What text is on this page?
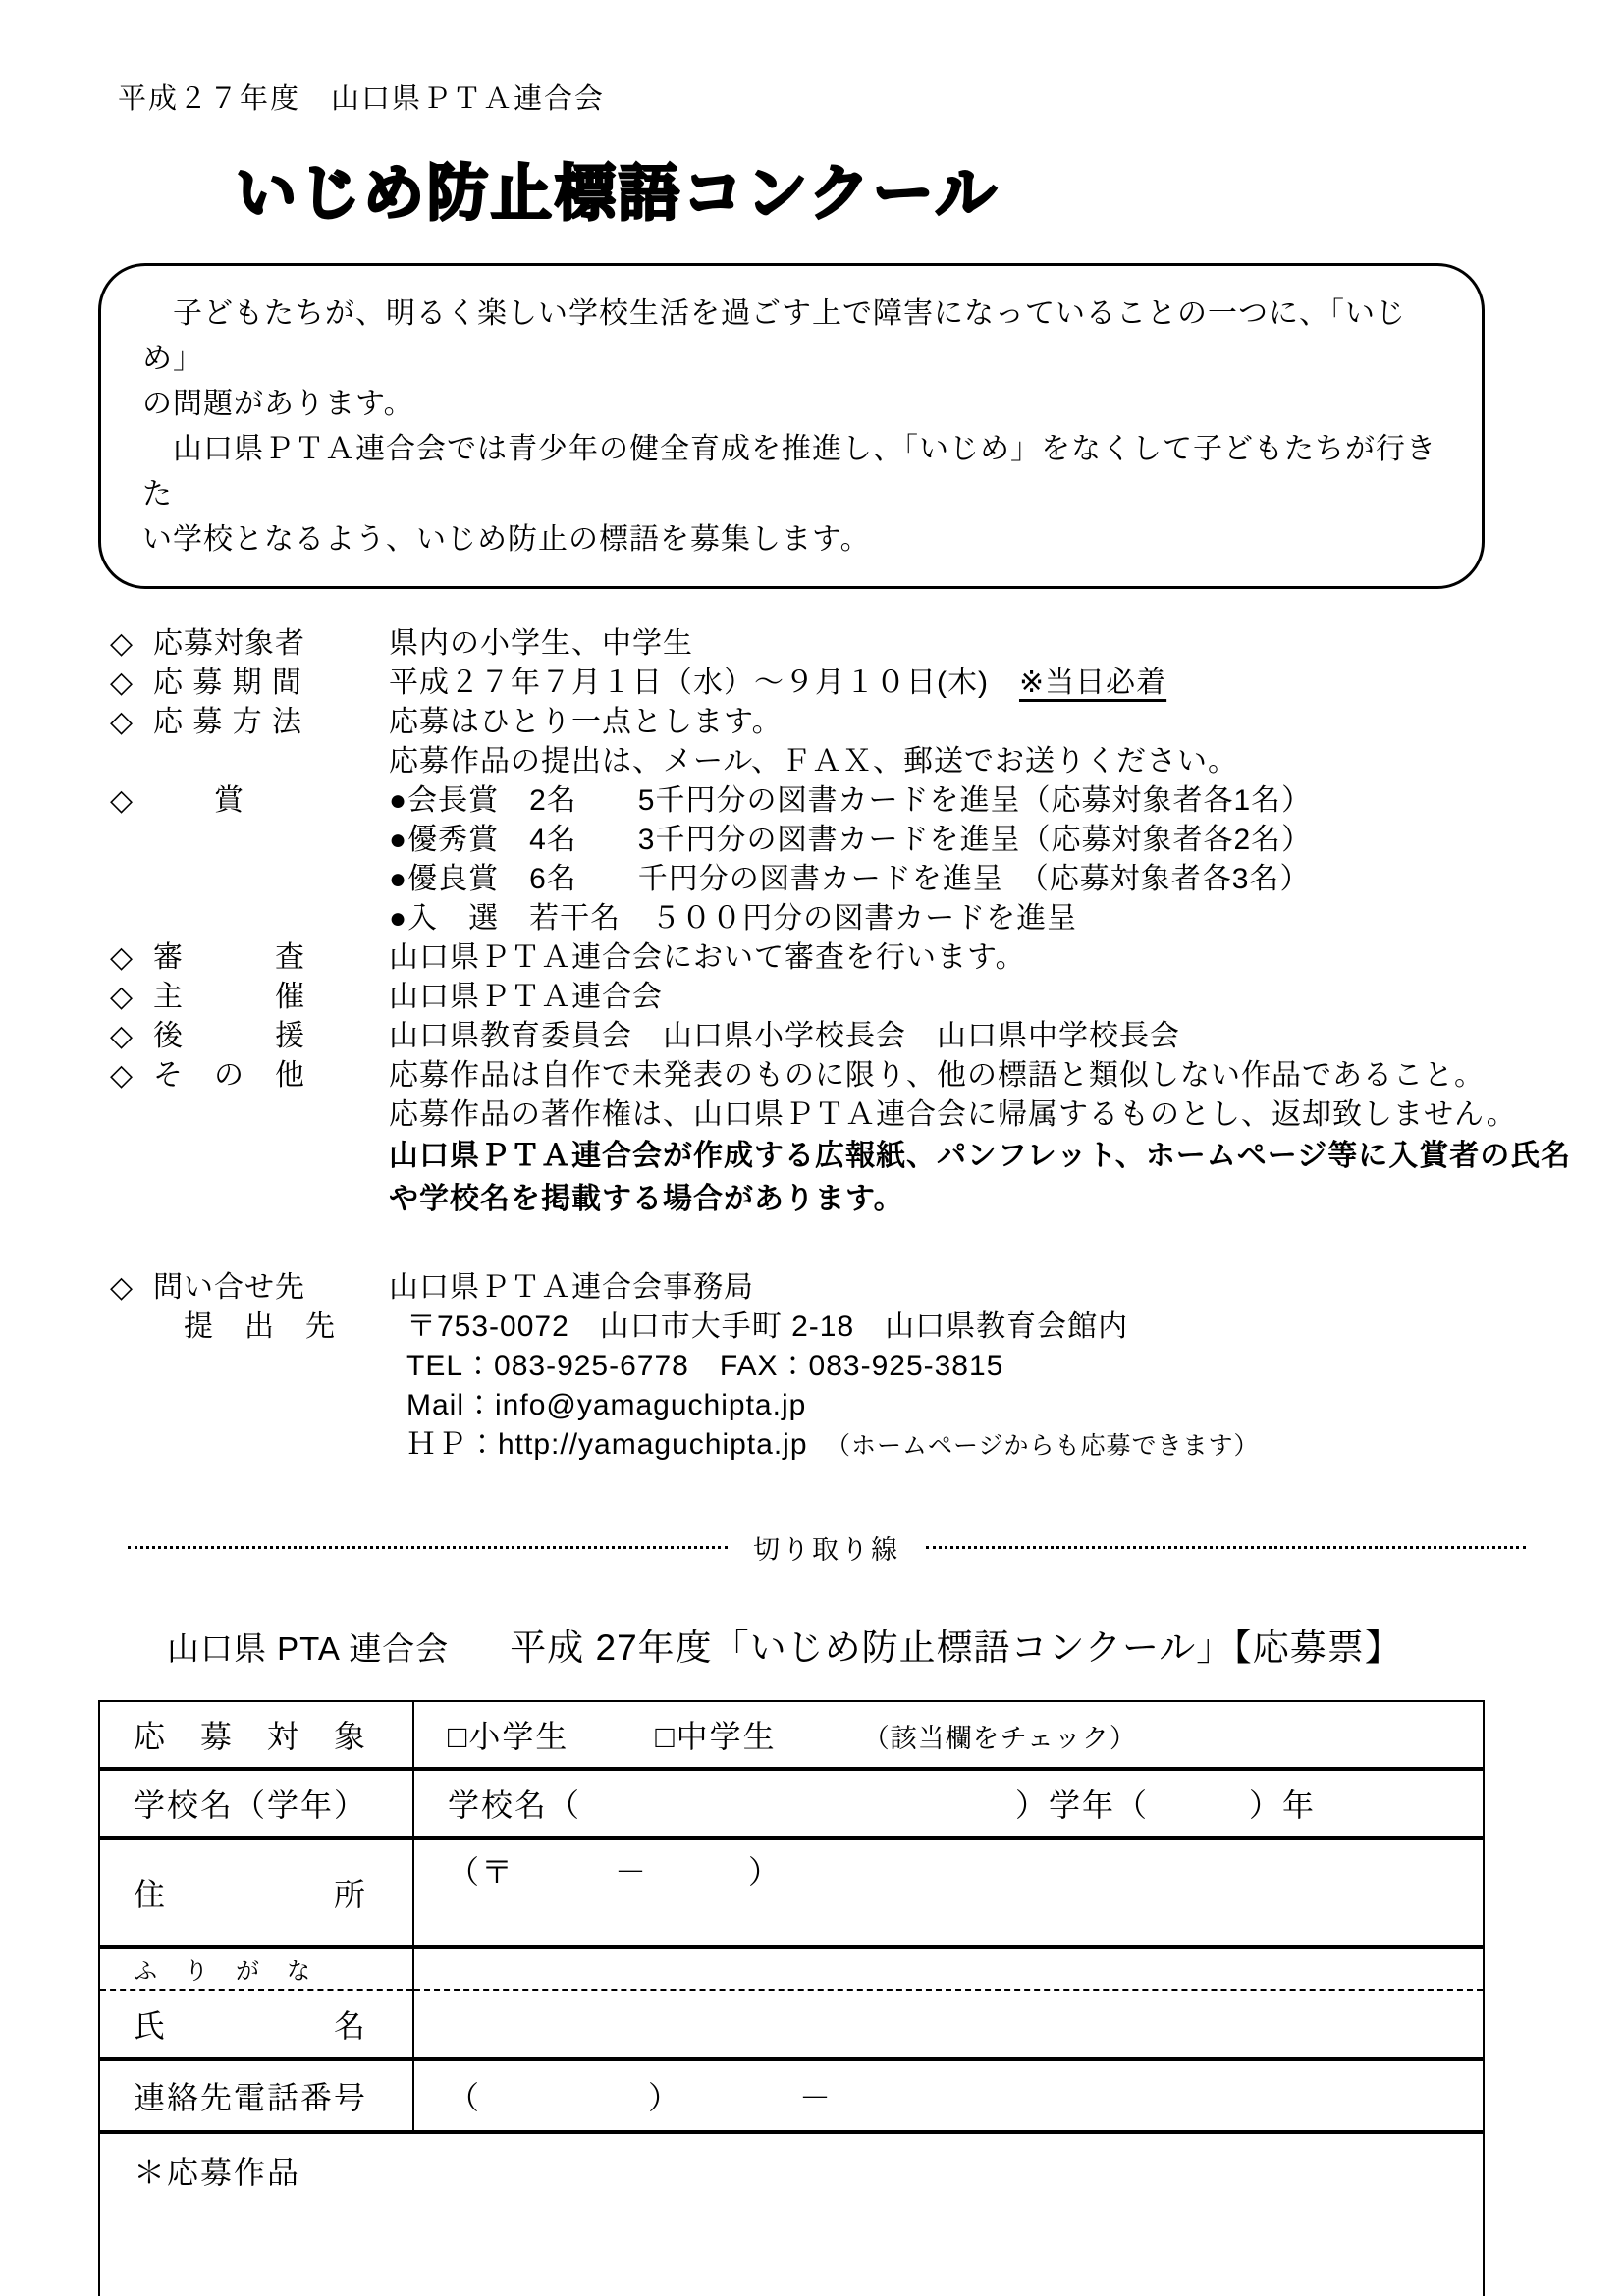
平成２７年度　山口県ＰＴＡ連合会
いじめ防止標語コンクール
　子どもたちが、明るく楽しい学校生活を過ごす上で障害になっていることの一つに、「いじめ」
の問題があります。
　山口県ＰＴＡ連合会では青少年の健全育成を推進し、「いじめ」をなくして子どもたちが行きた
い学校となるよう、いじめ防止の標語を募集します。
◇ 応募対象者	県内の小学生、中学生
◇ 応 募 期 間	平成２７年７月１日（水）～９月１０日(木)　※当日必着
◇ 応 募 方 法	応募はひとり一点とします。
応募作品の提出は、メール、ＦＡＸ、郵送でお送りください。
◇ 　　賞	●会長賞　2名　　5千円分の図書カードを進呈（応募対象者各1名）
●優秀賞　4名　　3千円分の図書カードを進呈（応募対象者各2名）
●優良賞　6名　　千円分の図書カードを進呈　（応募対象者各3名）
●入　選　若干名　５００円分の図書カードを進呈
◇ 審　　　査	山口県ＰＴＡ連合会において審査を行います。
◇ 主　　　催	山口県ＰＴＡ連合会
◇ 後　　　援	山口県教育委員会　山口県小学校長会　山口県中学校長会
◇ そ　の　他	応募作品は自作で未発表のものに限り、他の標語と類似しない作品であること。
応募作品の著作権は、山口県ＰＴＡ連合会に帰属するものとし、返却致しません。
山口県ＰＴＡ連合会が作成する広報紙、パンフレット、ホームページ等に入賞者の氏名や学校名を掲載する場合があります。
◇ 問い合せ先	山口県ＰＴＡ連合会事務局
　提　出　先	〒753-0072　山口市大手町 2-18　山口県教育会館内
TEL：083-925-6778　FAX：083-925-3815
Mail：info@yamaguchipta.jp
ＨＰ：http://yamaguchipta.jp　 （ホームページからも応募できます）
切り取り線
山口県 PTA 連合会 平成 27年度「いじめ防止標語コンクール」【応募票】
応　募　対　象	□小学生 □中学生 （該当欄をチェック）
学校名（学年）	学校名（　　　　　　　　　　　　　）学年（　　　）年
住　　　　　所	（〒　　　－　　　）
ふ　り　が　な	
氏　　　　　名	
連絡先電話番号	（　　　　　）　　　　－
＊応募作品	
